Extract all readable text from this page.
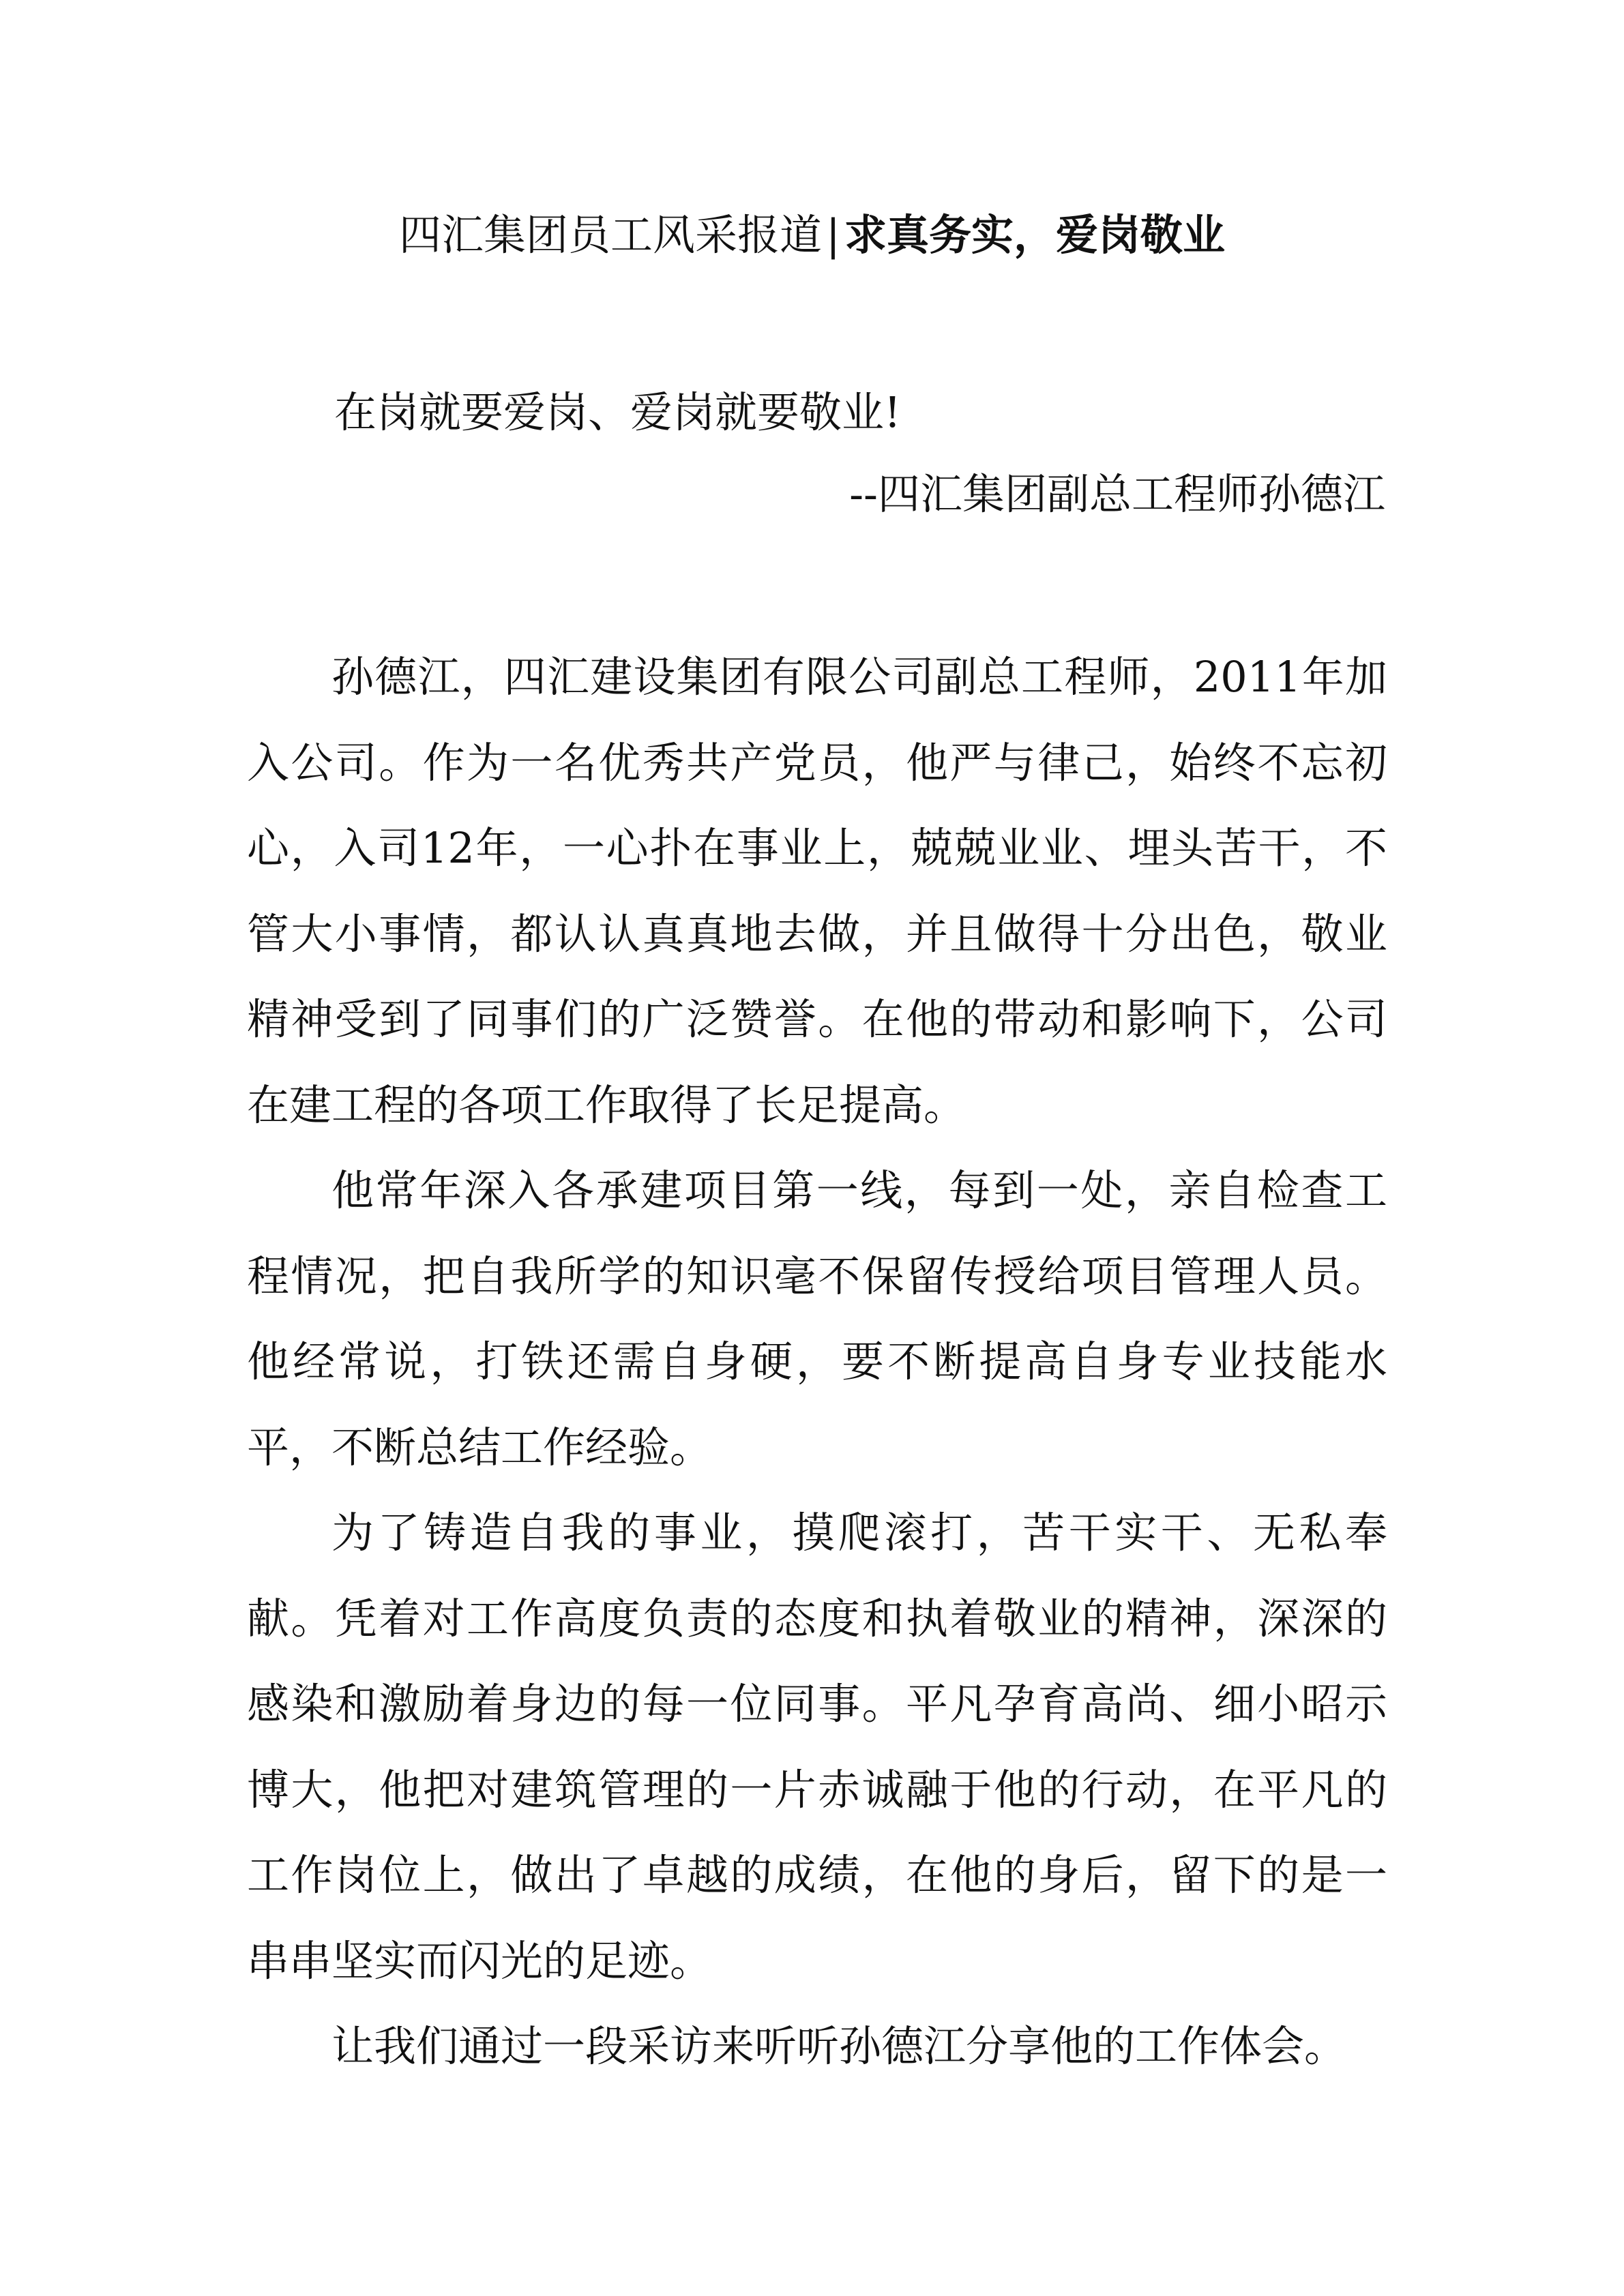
四汇集团员工风采报道|求真务实，爱岗敬业
在岗就要爱岗、爱岗就要敬业!
--四汇集团副总工程师孙德江

孙德江，四汇建设集团有限公司副总工程师，2011年加入公司。作为一名优秀共产党员，他严与律己，始终不忘初心，入司12年，一心扑在事业上，兢兢业业、埋头苦干，不管大小事情，都认认真真地去做，并且做得十分出色，敬业精神受到了同事们的广泛赞誉。在他的带动和影响下，公司在建工程的各项工作取得了长足提高。

他常年深入各承建项目第一线，每到一处，亲自检查工程情况，把自我所学的知识毫不保留传授给项目管理人员。他经常说，打铁还需自身硬，要不断提高自身专业技能水平，不断总结工作经验。

为了铸造自我的事业，摸爬滚打，苦干实干、无私奉献。凭着对工作高度负责的态度和执着敬业的精神，深深的感染和激励着身边的每一位同事。平凡孕育高尚、细小昭示博大，他把对建筑管理的一片赤诚融于他的行动，在平凡的工作岗位上，做出了卓越的成绩，在他的身后，留下的是一串串坚实而闪光的足迹。

让我们通过一段采访来听听孙德江分享他的工作体会。
